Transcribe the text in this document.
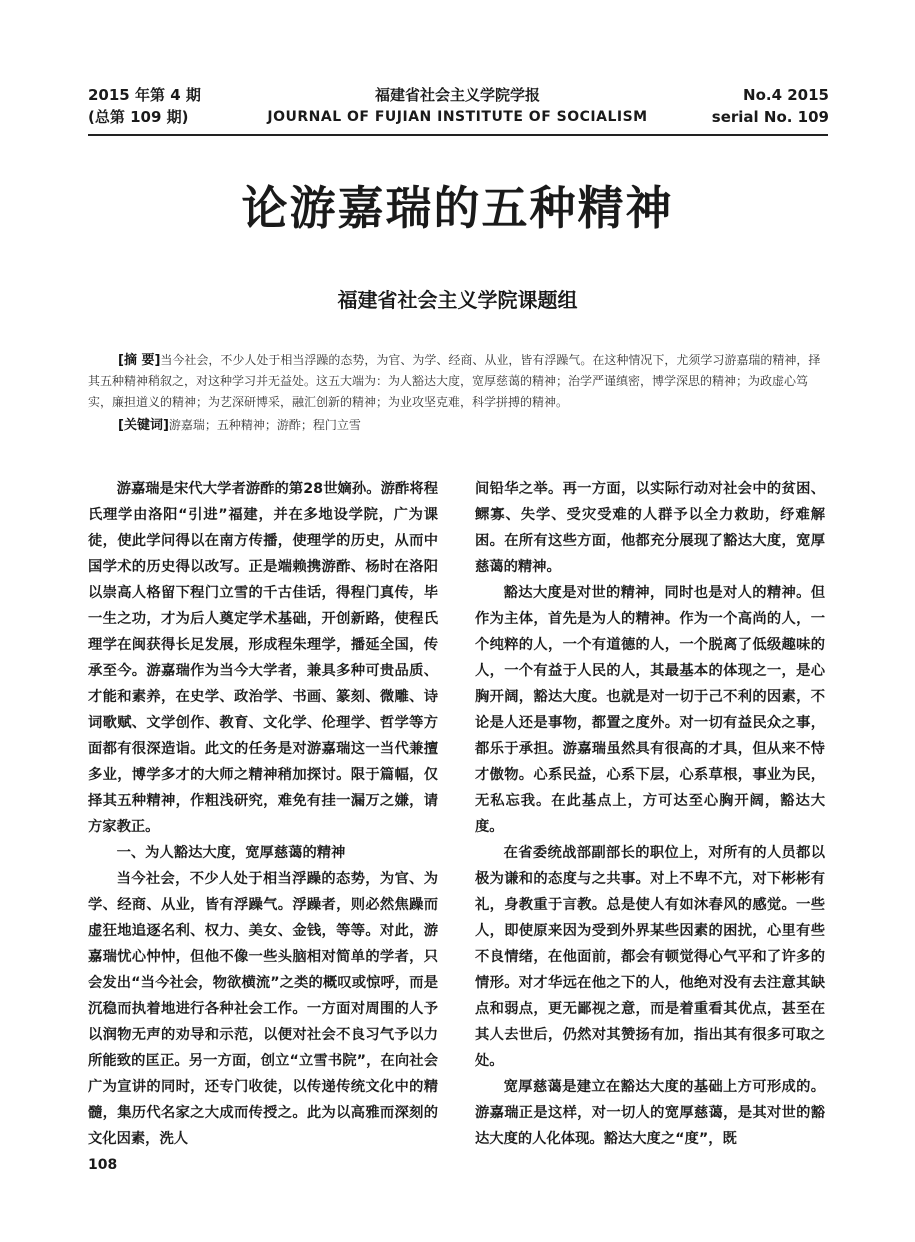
2015 年第 4 期
(总第 109 期)
福建省社会主义学院学报
JOURNAL OF FUJIAN INSTITUTE OF SOCIALISM
No.4 2015
serial No. 109
论游嘉瑞的五种精神
福建省社会主义学院课题组

[摘 要]当今社会，不少人处于相当浮躁的态势，为官、为学、经商、从业，皆有浮躁气。在这种情况下，尤须学习游嘉瑞的精神，择其五种精神稍叙之，对这种学习并无益处。这五大端为：为人豁达大度，宽厚慈蔼的精神；治学严谨缜密，博学深思的精神；为政虚心笃实，廉担道义的精神；为艺深研博采，融汇创新的精神；为业攻坚克难，科学拼搏的精神。

[关键词]游嘉瑞；五种精神；游酢；程门立雪

游嘉瑞是宋代大学者游酢的第28世嫡孙。游酢将程氏理学由洛阳“引进”福建，并在多地设学院，广为课徒，使此学问得以在南方传播，使理学的历史，从而中国学术的历史得以改写。正是端赖携游酢、杨时在洛阳以崇高人格留下程门立雪的千古佳话，得程门真传，毕一生之功，才为后人奠定学术基础，开创新路，使程氏理学在闽获得长足发展，形成程朱理学，播延全国，传承至今。游嘉瑞作为当今大学者，兼具多种可贵品质、才能和素养，在史学、政治学、书画、篆刻、微雕、诗词歌赋、文学创作、教育、文化学、伦理学、哲学等方面都有很深造诣。此文的任务是对游嘉瑞这一当代兼擅多业，博学多才的大师之精神稍加探讨。限于篇幅，仅择其五种精神，作粗浅研究，难免有挂一漏万之嫌，请方家教正。

一、为人豁达大度，宽厚慈蔼的精神

当今社会，不少人处于相当浮躁的态势，为官、为学、经商、从业，皆有浮躁气。浮躁者，则必然焦躁而虚狂地追逐名利、权力、美女、金钱，等等。对此，游嘉瑞忧心忡忡，但他不像一些头脑相对简单的学者，只会发出“当今社会，物欲横流”之类的概叹或惊呼，而是沉稳而执着地进行各种社会工作。一方面对周围的人予以润物无声的劝导和示范，以便对社会不良习气予以力所能致的匡正。另一方面，创立“立雪书院”，在向社会广为宣讲的同时，还专门收徒，以传递传统文化中的精髓，集历代名家之大成而传授之。此为以高雅而深刻的文化因素，洗人

间铅华之举。再一方面，以实际行动对社会中的贫困、鳏寡、失学、受灾受难的人群予以全力救助，纾难解困。在所有这些方面，他都充分展现了豁达大度，宽厚慈蔼的精神。

豁达大度是对世的精神，同时也是对人的精神。但作为主体，首先是为人的精神。作为一个高尚的人，一个纯粹的人，一个有道德的人，一个脱离了低级趣味的人，一个有益于人民的人，其最基本的体现之一，是心胸开阔，豁达大度。也就是对一切于己不利的因素，不论是人还是事物，都置之度外。对一切有益民众之事，都乐于承担。游嘉瑞虽然具有很高的才具，但从来不恃才傲物。心系民益，心系下层，心系草根，事业为民，无私忘我。在此基点上，方可达至心胸开阔，豁达大度。

在省委统战部副部长的职位上，对所有的人员都以极为谦和的态度与之共事。对上不卑不亢，对下彬彬有礼，身教重于言教。总是使人有如沐春风的感觉。一些人，即使原来因为受到外界某些因素的困扰，心里有些不良情绪，在他面前，都会有顿觉得心气平和了许多的情形。对才华远在他之下的人，他绝对没有去注意其缺点和弱点，更无鄙视之意，而是着重看其优点，甚至在其人去世后，仍然对其赞扬有加，指出其有很多可取之处。

宽厚慈蔼是建立在豁达大度的基础上方可形成的。游嘉瑞正是这样，对一切人的宽厚慈蔼，是其对世的豁达大度的人化体现。豁达大度之“度”，既

108
